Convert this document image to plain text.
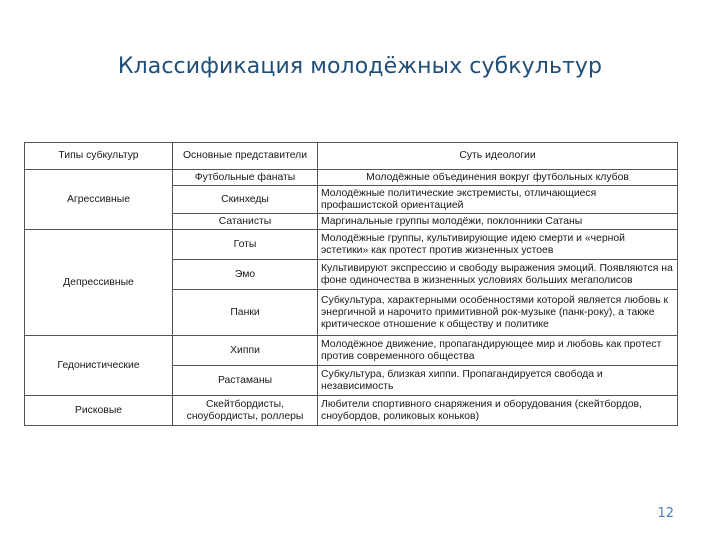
Классификация молодёжных субкультур
Типы субкультур	Основные представители	Суть идеологии
Агрессивные	Футбольные фанаты	Молодёжные объединения вокруг футбольных клубов
	Скинхеды	Молодёжные политические экстремисты, отличающиеся профашистской ориентацией
	Сатанисты	Маргинальные группы молодёжи, поклонники Сатаны
Депрессивные	Готы	Молодёжные группы, культивирующие идею смерти и «черной эстетики» как протест против жизненных устоев
	Эмо	Культивируют экспрессию и свободу выражения эмоций. Появляются на фоне одиночества в жизненных условиях больших мегаполисов
	Панки	Субкультура, характерными особенностями которой является любовь к энергичной и нарочито примитивной рок-музыке (панк-року), а также критическое отношение к обществу и политике
Гедонистические	Хиппи	Молодёжное движение, пропагандирующее мир и любовь как протест против современного общества
	Растаманы	Субкультура, близкая хиппи. Пропагандируется свобода и независимость
Рисковые	Скейтбордисты, сноубордисты, роллеры	Любители спортивного снаряжения и оборудования (скейтбордов, сноубордов, роликовых коньков)
12
